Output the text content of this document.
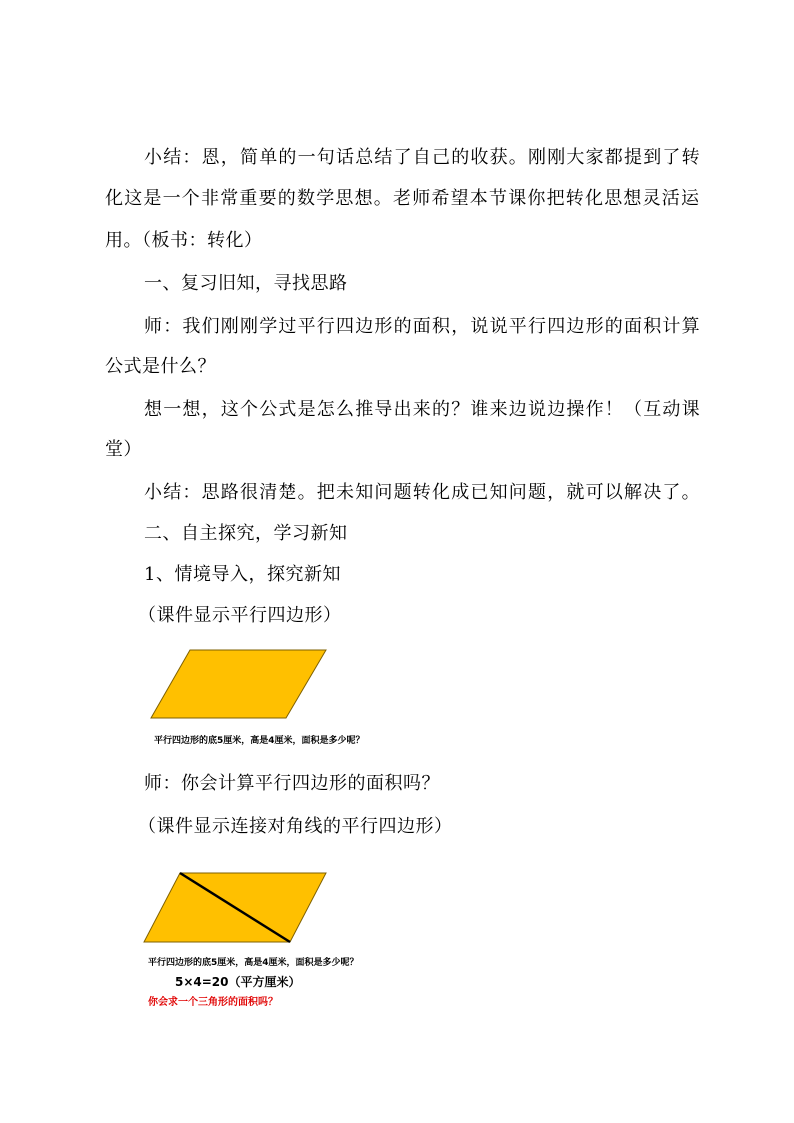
小结：恩，简单的一句话总结了自己的收获。刚刚大家都提到了转
化这是一个非常重要的数学思想。老师希望本节课你把转化思想灵活运
用。（板书：转化）
一、复习旧知，寻找思路
师：我们刚刚学过平行四边形的面积，说说平行四边形的面积计算
公式是什么？
想一想，这个公式是怎么推导出来的？谁来边说边操作！（互动课
堂）
小结：思路很清楚。把未知问题转化成已知问题，就可以解决了。
二、自主探究，学习新知
1、情境导入，探究新知
（课件显示平行四边形）
平行四边形的底5厘米，高是4厘米，面积是多少呢？
师：你会计算平行四边形的面积吗？
（课件显示连接对角线的平行四边形）
平行四边形的底5厘米，高是4厘米，面积是多少呢？
5×4=20（平方厘米）
你会求一个三角形的面积吗？
